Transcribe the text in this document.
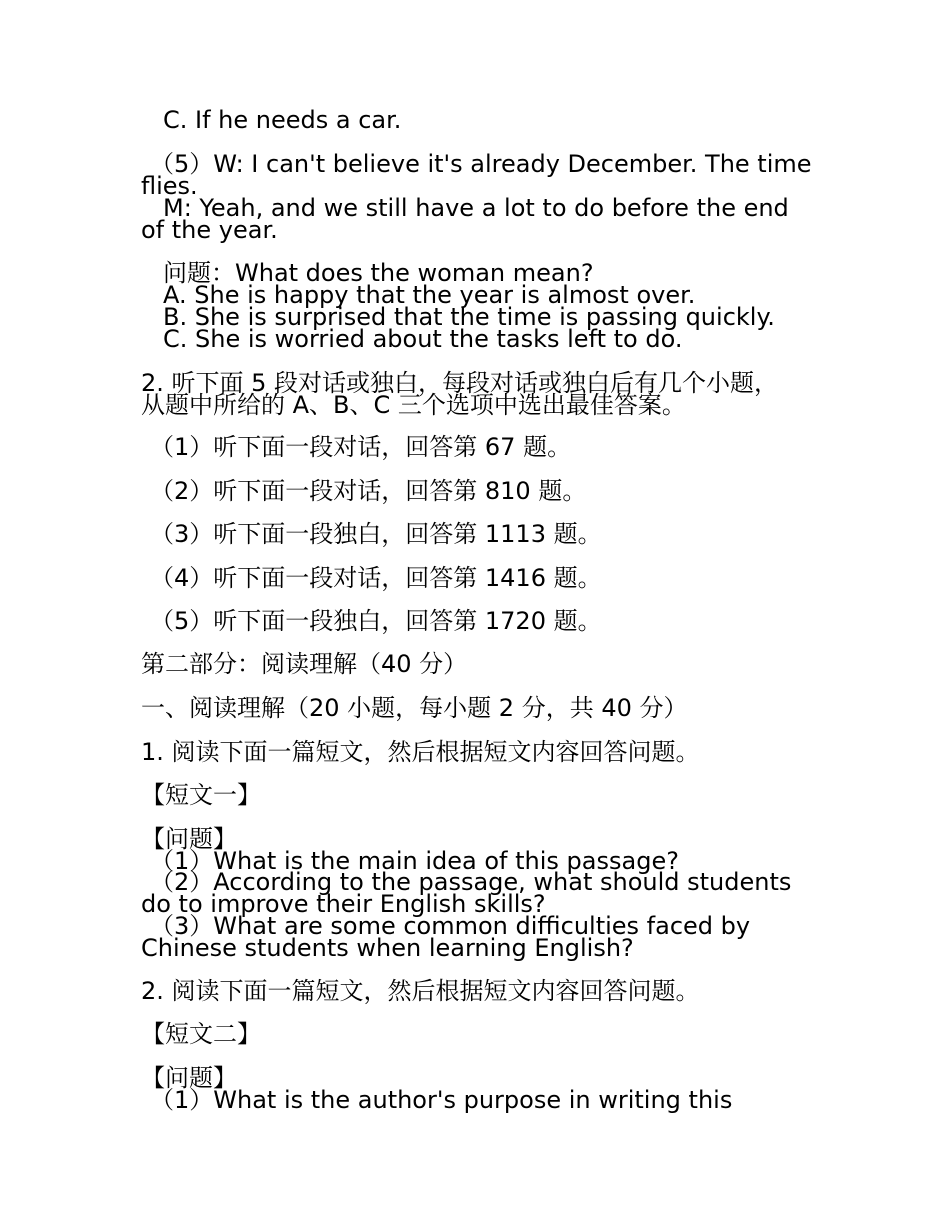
C. If he needs a car.
（5）W: I can't believe it's already December. The time
flies.
M: Yeah, and we still have a lot to do before the end
of the year.
问题：What does the woman mean?
A. She is happy that the year is almost over.
B. She is surprised that the time is passing quickly.
C. She is worried about the tasks left to do.
2. 听下面 5 段对话或独白，每段对话或独白后有几个小题，
从题中所给的 A、B、C 三个选项中选出最佳答案。
（1）听下面一段对话，回答第 67 题。
（2）听下面一段对话，回答第 810 题。
（3）听下面一段独白，回答第 1113 题。
（4）听下面一段对话，回答第 1416 题。
（5）听下面一段独白，回答第 1720 题。
第二部分：阅读理解（40 分）
一、阅读理解（20 小题，每小题 2 分，共 40 分）
1. 阅读下面一篇短文，然后根据短文内容回答问题。
【短文一】
【问题】
（1）What is the main idea of this passage?
（2）According to the passage, what should students
do to improve their English skills?
（3）What are some common difficulties faced by
Chinese students when learning English?
2. 阅读下面一篇短文，然后根据短文内容回答问题。
【短文二】
【问题】
（1）What is the author's purpose in writing this
